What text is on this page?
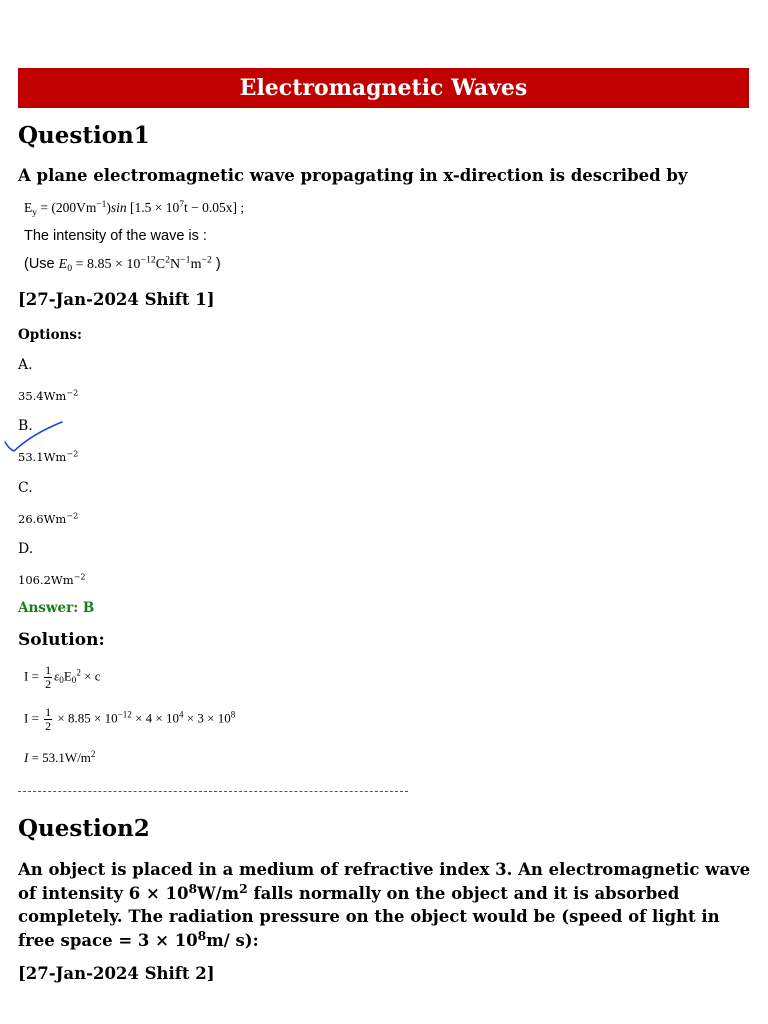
Electromagnetic Waves
Question1
A plane electromagnetic wave propagating in x-direction is described by
$E_y = (200Vm^{-1})\sin$ $[1.5 \times 10^7t - 0.05x]$ ;
The intensity of the wave is :
(Use $E_0 = 8.85 \times 10^{-12}C^2N^{-1}m^{-2}$ )
[27-Jan-2024 Shift 1]
Options:
A.
$35.4Wm^{-2}$
B.
$53.1Wm^{-2}$
C.
$26.6Wm^{-2}$
D.
$106.2Wm^{-2}$
Answer: B
Solution:
$I = \frac{1}{2} \varepsilon_0E_0^2 \times c$
$I = \frac{1}{2} \times 8.85 \times 10^{-12} \times 4 \times 10^4 \times 3 \times 10^8$
$I = 53.1W/m^2$
Question2
An object is placed in a medium of refractive index 3. An electromagnetic wave of intensity $6 \times 10^8W/m^2$ falls normally on the object and it is absorbed completely. The radiation pressure on the object would be (speed of light in free space = $3 \times 10^8m/$ s):
[27-Jan-2024 Shift 2]
